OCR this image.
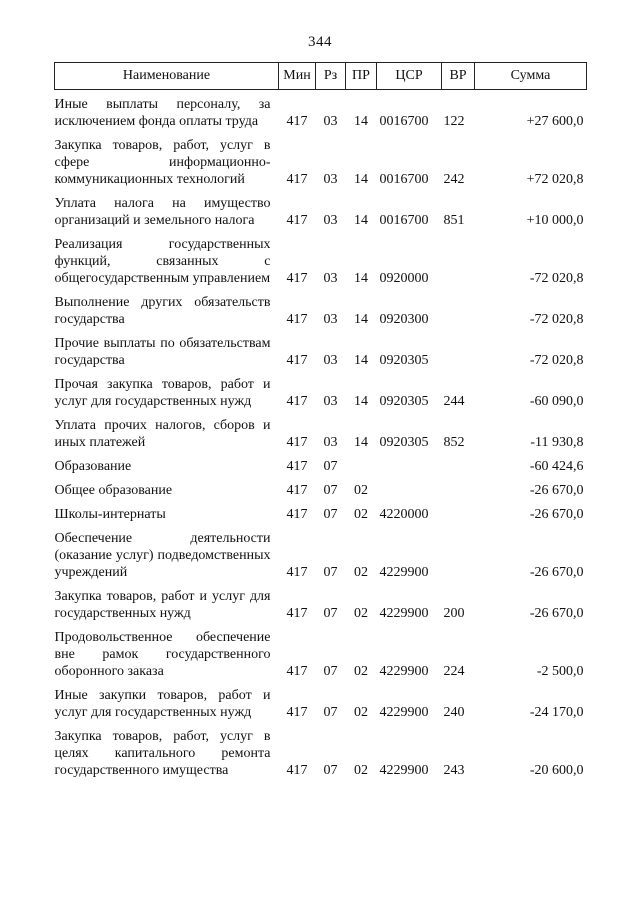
344
Наименование	Мин	Рз	ПР	ЦСР	ВР	Сумма
Иные выплаты персоналу, за исключением фонда оплаты труда	417	03	14	0016700	122	+27 600,0
Закупка товаров, работ, услуг в сфере информационно-коммуникационных технологий	417	03	14	0016700	242	+72 020,8
Уплата налога на имущество организаций и земельного налога	417	03	14	0016700	851	+10 000,0
Реализация государственных функций, связанных с общегосударственным управлением	417	03	14	0920000		-72 020,8
Выполнение других обязательств государства	417	03	14	0920300		-72 020,8
Прочие выплаты по обязательствам государства	417	03	14	0920305		-72 020,8
Прочая закупка товаров, работ и услуг для государственных нужд	417	03	14	0920305	244	-60 090,0
Уплата прочих налогов, сборов и иных платежей	417	03	14	0920305	852	-11 930,8
Образование	417	07				-60 424,6
Общее образование	417	07	02			-26 670,0
Школы-интернаты	417	07	02	4220000		-26 670,0
Обеспечение деятельности (оказание услуг) подведомственных учреждений	417	07	02	4229900		-26 670,0
Закупка товаров, работ и услуг для государственных нужд	417	07	02	4229900	200	-26 670,0
Продовольственное обеспечение вне рамок государственного оборонного заказа	417	07	02	4229900	224	-2 500,0
Иные закупки товаров, работ и услуг для государственных нужд	417	07	02	4229900	240	-24 170,0
Закупка товаров, работ, услуг в целях капитального ремонта государственного имущества	417	07	02	4229900	243	-20 600,0
